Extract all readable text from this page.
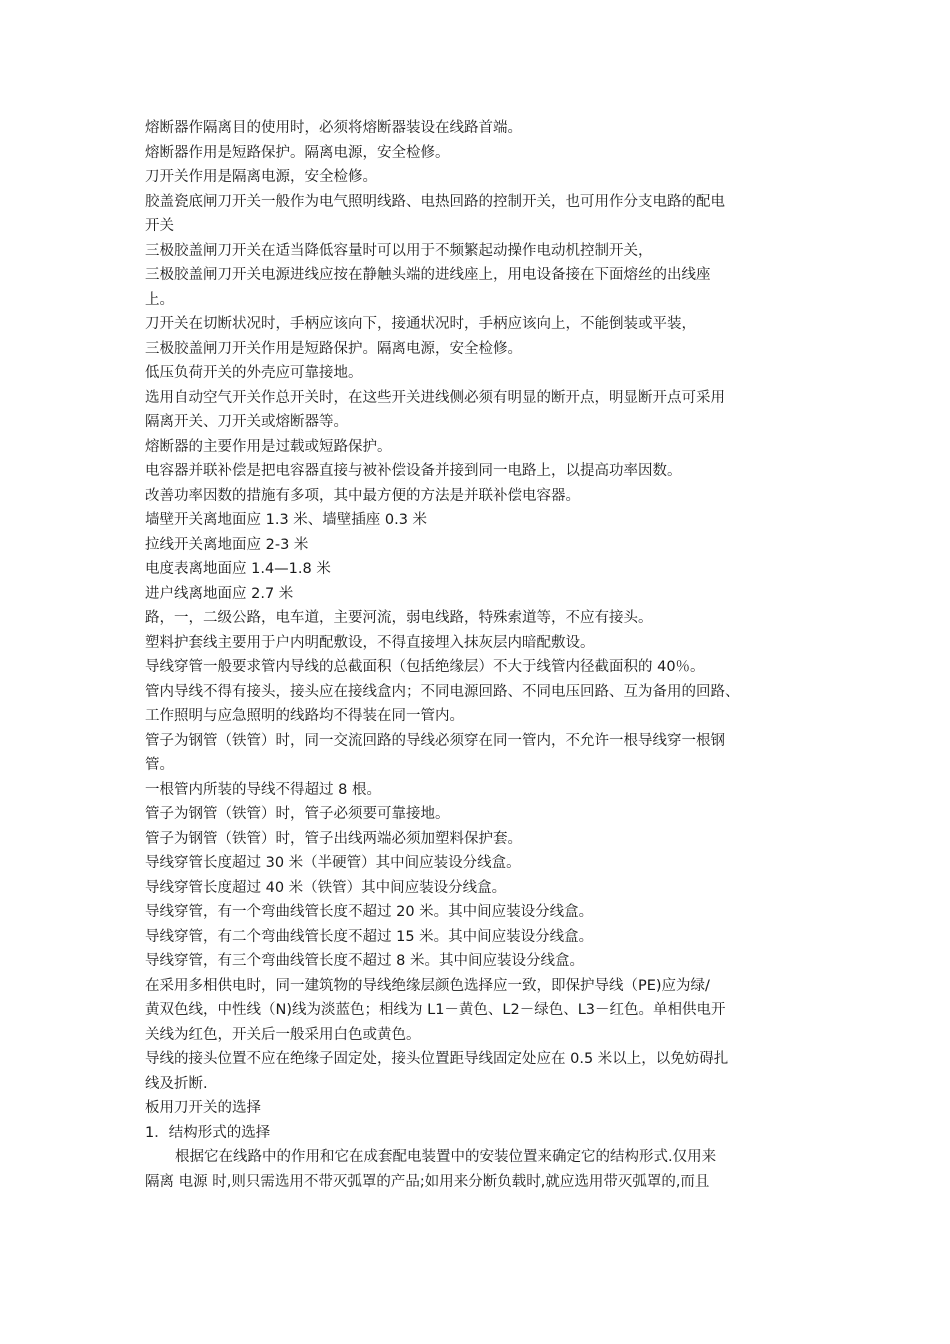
熔断器作隔离目的使用时，必须将熔断器装设在线路首端。
熔断器作用是短路保护。隔离电源，安全检修。
刀开关作用是隔离电源，安全检修。
胶盖瓷底闸刀开关一般作为电气照明线路、电热回路的控制开关，也可用作分支电路的配电
开关
三极胶盖闸刀开关在适当降低容量时可以用于不频繁起动操作电动机控制开关，
三极胶盖闸刀开关电源进线应按在静触头端的进线座上，用电设备接在下面熔丝的出线座
上。
刀开关在切断状况时，手柄应该向下，接通状况时，手柄应该向上，不能倒装或平装，
三极胶盖闸刀开关作用是短路保护。隔离电源，安全检修。
低压负荷开关的外壳应可靠接地。
选用自动空气开关作总开关时，在这些开关进线侧必须有明显的断开点，明显断开点可采用
隔离开关、刀开关或熔断器等。
熔断器的主要作用是过载或短路保护。
电容器并联补偿是把电容器直接与被补偿设备并接到同一电路上，以提高功率因数。
改善功率因数的措施有多项，其中最方便的方法是并联补偿电容器。
墙壁开关离地面应 1.3 米、墙壁插座 0.3 米
拉线开关离地面应 2-3 米
电度表离地面应 1.4—1.8 米
进户线离地面应 2.7 米
路，一，二级公路，电车道，主要河流，弱电线路，特殊索道等，不应有接头。
塑料护套线主要用于户内明配敷设，不得直接埋入抹灰层内暗配敷设。
导线穿管一般要求管内导线的总截面积（包括绝缘层）不大于线管内径截面积的 40％。
管内导线不得有接头，接头应在接线盒内；不同电源回路、不同电压回路、互为备用的回路、
工作照明与应急照明的线路均不得装在同一管内。
管子为钢管（铁管）时，同一交流回路的导线必须穿在同一管内，不允许一根导线穿一根钢
管。
一根管内所装的导线不得超过 8 根。
管子为钢管（铁管）时，管子必须要可靠接地。
管子为钢管（铁管）时，管子出线两端必须加塑料保护套。
导线穿管长度超过 30 米（半硬管）其中间应装设分线盒。
导线穿管长度超过 40 米（铁管）其中间应装设分线盒。
导线穿管，有一个弯曲线管长度不超过 20 米。其中间应装设分线盒。
导线穿管，有二个弯曲线管长度不超过 15 米。其中间应装设分线盒。
导线穿管，有三个弯曲线管长度不超过 8 米。其中间应装设分线盒。
在采用多相供电时，同一建筑物的导线绝缘层颜色选择应一致，即保护导线（PE)应为绿/
黄双色线，中性线（N)线为淡蓝色；相线为 L1－黄色、L2－绿色、L3－红色。单相供电开
关线为红色，开关后一般采用白色或黄色。
导线的接头位置不应在绝缘子固定处，接头位置距导线固定处应在 0.5 米以上，以免妨碍扎
线及折断.
板用刀开关的选择
1．结构形式的选择
根据它在线路中的作用和它在成套配电装置中的安装位置来确定它的结构形式.仅用来
隔离 电源 时,则只需选用不带灭弧罩的产品;如用来分断负载时,就应选用带灭弧罩的,而且
